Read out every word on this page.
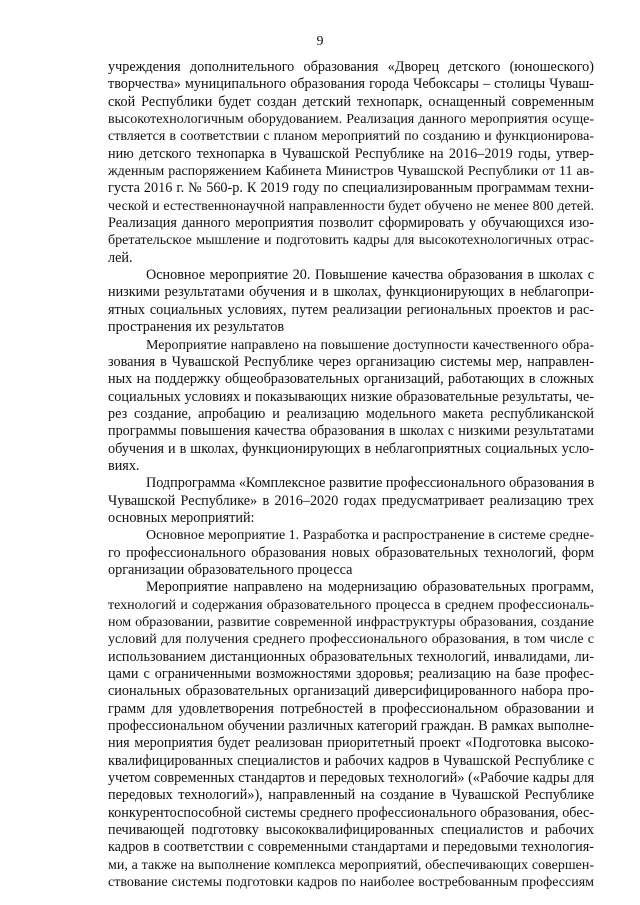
9
учреждения дополнительного образования «Дворец детского (юношеского)
творчества» муниципального образования города Чебоксары – столицы Чуваш-
ской Республики будет создан детский технопарк, оснащенный современным
высокотехнологичным оборудованием. Реализация данного мероприятия осуще-
ствляется в соответствии с планом мероприятий по созданию и функционирова-
нию детского технопарка в Чувашской Республике на 2016–2019 годы, утвер-
жденным распоряжением Кабинета Министров Чувашской Республики от 11 ав-
густа 2016 г. № 560-р. К 2019 году по специализированным программам техни-
ческой и естественнонаучной направленности будет обучено не менее 800 детей.
Реализация данного мероприятия позволит сформировать у обучающихся изо-
бретательское мышление и подготовить кадры для высокотехнологичных отрас-
лей.
Основное мероприятие 20. Повышение качества образования в школах с
низкими результатами обучения и в школах, функционирующих в неблагопри-
ятных социальных условиях, путем реализации региональных проектов и рас-
пространения их результатов
Мероприятие направлено на повышение доступности качественного обра-
зования в Чувашской Республике через организацию системы мер, направлен-
ных на поддержку общеобразовательных организаций, работающих в сложных
социальных условиях и показывающих низкие образовательные результаты, че-
рез создание, апробацию и реализацию модельного макета республиканской
программы повышения качества образования в школах с низкими результатами
обучения и в школах, функционирующих в неблагоприятных социальных усло-
виях.
Подпрограмма «Комплексное развитие профессионального образования в
Чувашской Республике» в 2016–2020 годах предусматривает реализацию трех
основных мероприятий:
Основное мероприятие 1. Разработка и распространение в системе средне-
го профессионального образования новых образовательных технологий, форм
организации образовательного процесса
Мероприятие направлено на модернизацию образовательных программ,
технологий и содержания образовательного процесса в среднем профессиональ-
ном образовании, развитие современной инфраструктуры образования, создание
условий для получения среднего профессионального образования, в том числе с
использованием дистанционных образовательных технологий, инвалидами, ли-
цами с ограниченными возможностями здоровья; реализацию на базе профес-
сиональных образовательных организаций диверсифицированного набора про-
грамм для удовлетворения потребностей в профессиональном образовании и
профессиональном обучении различных категорий граждан. В рамках выполне-
ния мероприятия будет реализован приоритетный проект «Подготовка высоко-
квалифицированных специалистов и рабочих кадров в Чувашской Республике с
учетом современных стандартов и передовых технологий» («Рабочие кадры для
передовых технологий»), направленный на создание в Чувашской Республике
конкурентоспособной системы среднего профессионального образования, обес-
печивающей подготовку высококвалифицированных специалистов и рабочих
кадров в соответствии с современными стандартами и передовыми технология-
ми, а также на выполнение комплекса мероприятий, обеспечивающих совершен-
ствование системы подготовки кадров по наиболее востребованным профессиям
